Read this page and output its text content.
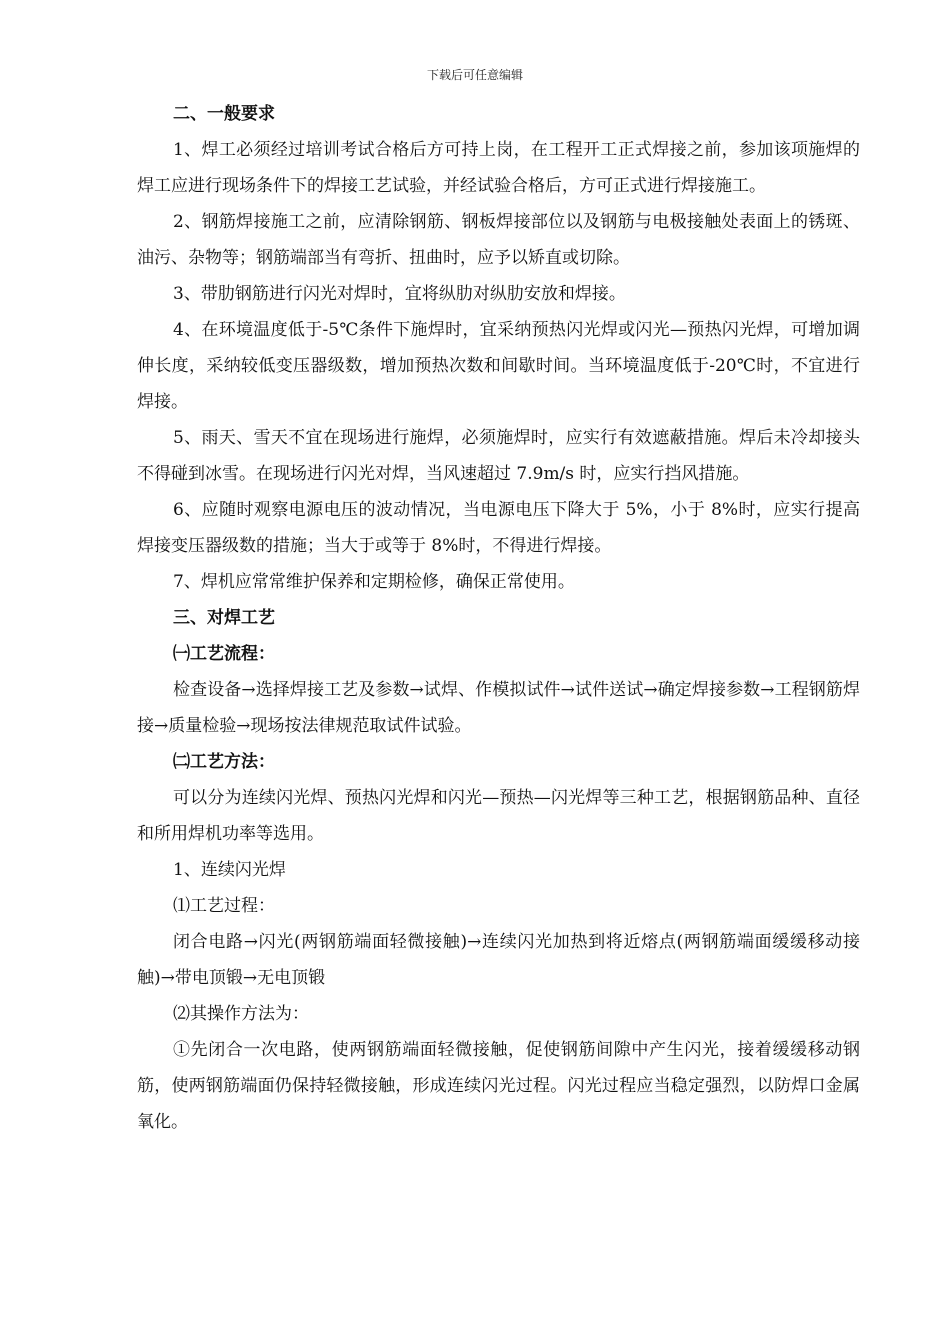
下载后可任意编辑

二、一般要求

1、焊工必须经过培训考试合格后方可持上岗，在工程开工正式焊接之前，参加该项施焊的焊工应进行现场条件下的焊接工艺试验，并经试验合格后，方可正式进行焊接施工。

2、钢筋焊接施工之前，应清除钢筋、钢板焊接部位以及钢筋与电极接触处表面上的锈斑、油污、杂物等；钢筋端部当有弯折、扭曲时，应予以矫直或切除。

3、带肋钢筋进行闪光对焊时，宜将纵肋对纵肋安放和焊接。

4、在环境温度低于-5℃条件下施焊时，宜采纳预热闪光焊或闪光—预热闪光焊，可增加调伸长度，采纳较低变压器级数，增加预热次数和间歇时间。当环境温度低于-20℃时，不宜进行焊接。

5、雨天、雪天不宜在现场进行施焊，必须施焊时，应实行有效遮蔽措施。焊后未冷却接头不得碰到冰雪。在现场进行闪光对焊，当风速超过 7.9m/s 时，应实行挡风措施。

6、应随时观察电源电压的波动情况，当电源电压下降大于 5%，小于 8%时，应实行提高焊接变压器级数的措施；当大于或等于 8%时，不得进行焊接。

7、焊机应常常维护保养和定期检修，确保正常使用。

三、对焊工艺

㈠工艺流程：

检查设备→选择焊接工艺及参数→试焊、作模拟试件→试件送试→确定焊接参数→工程钢筋焊接→质量检验→现场按法律规范取试件试验。

㈡工艺方法：

可以分为连续闪光焊、预热闪光焊和闪光—预热—闪光焊等三种工艺，根据钢筋品种、直径和所用焊机功率等选用。

1、连续闪光焊

⑴工艺过程：

闭合电路→闪光(两钢筋端面轻微接触)→连续闪光加热到将近熔点(两钢筋端面缓缓移动接触)→带电顶锻→无电顶锻

⑵其操作方法为：

①先闭合一次电路，使两钢筋端面轻微接触，促使钢筋间隙中产生闪光，接着缓缓移动钢筋，使两钢筋端面仍保持轻微接触，形成连续闪光过程。闪光过程应当稳定强烈，以防焊口金属氧化。
